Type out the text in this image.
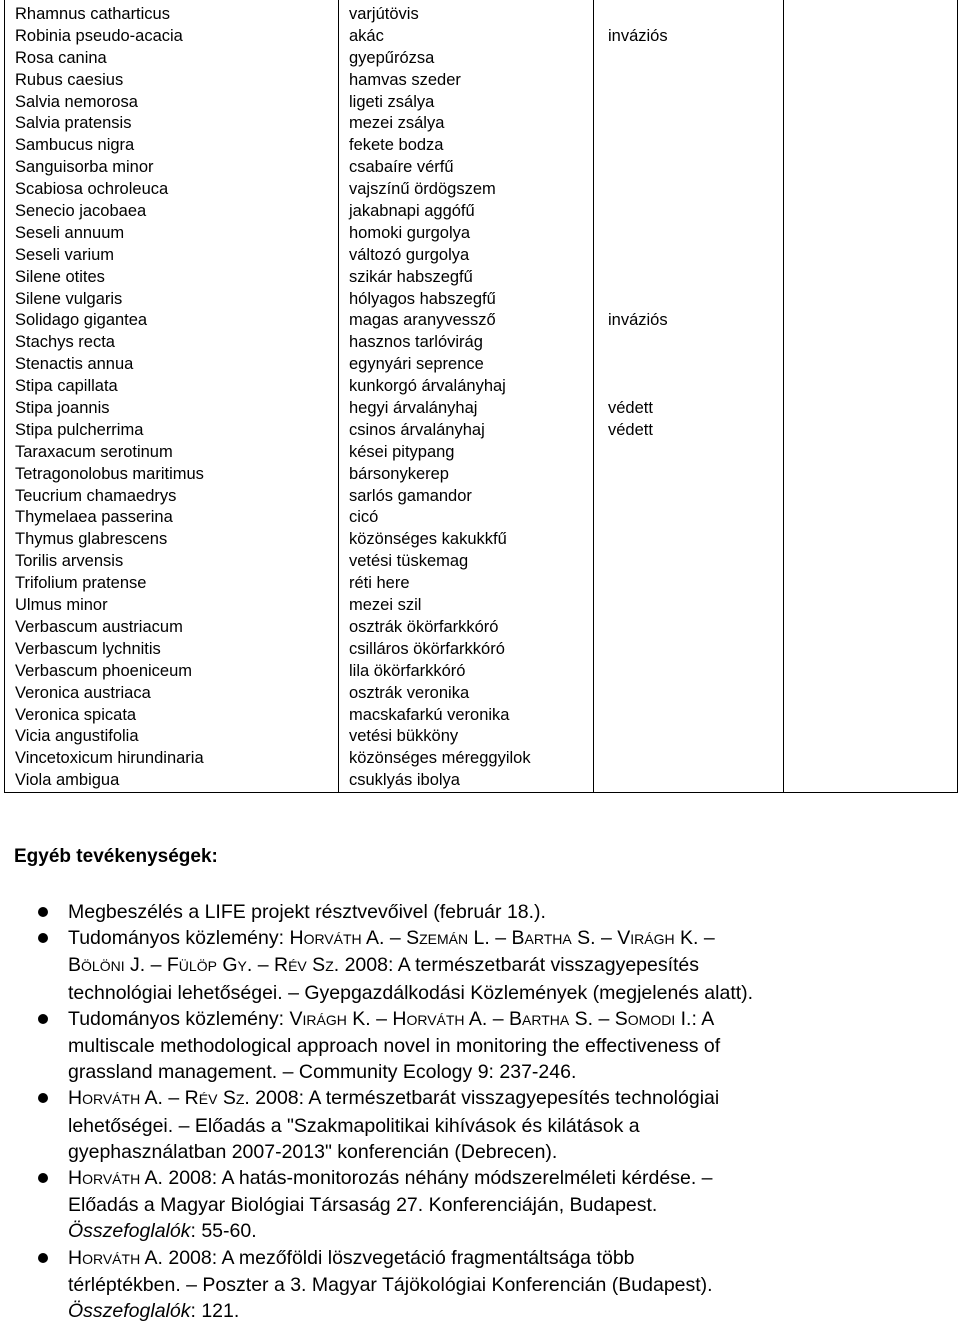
Rhamnus catharticus
Robinia pseudo-acacia
Rosa canina
Rubus caesius
Salvia nemorosa
Salvia pratensis
Sambucus nigra
Sanguisorba minor
Scabiosa ochroleuca
Senecio jacobaea
Seseli annuum
Seseli varium
Silene otites
Silene vulgaris
Solidago gigantea
Stachys recta
Stenactis annua
Stipa capillata
Stipa joannis
Stipa pulcherrima
Taraxacum serotinum
Tetragonolobus maritimus
Teucrium chamaedrys
Thymelaea passerina
Thymus glabrescens
Torilis arvensis
Trifolium pratense
Ulmus minor
Verbascum austriacum
Verbascum lychnitis
Verbascum phoeniceum
Veronica austriaca
Veronica spicata
Vicia angustifolia
Vincetoxicum hirundinaria
Viola ambigua
varjútövis
akác
gyepűrózsa
hamvas szeder
ligeti zsálya
mezei zsálya
fekete bodza
csabaíre vérfű
vajszínű ördögszem
jakabnapi aggófű
homoki gurgolya
változó gurgolya
szikár habszegfű
hólyagos habszegfű
magas aranyvessző
hasznos tarlóvirág
egynyári seprence
kunkorgó árvalányhaj
hegyi árvalányhaj
csinos árvalányhaj
kései pitypang
bársonykerep
sarlós gamandor
cicó
közönséges kakukkfű
vetési tüskemag
réti here
mezei szil
osztrák ökörfarkkóró
csilláros ökörfarkkóró
lila ökörfarkkóró
osztrák veronika
macskafarkú veronika
vetési bükköny
közönséges méreggyilok
csuklyás ibolya
inváziós
inváziós
védett
védett
Egyéb tevékenységek:
Megbeszélés a LIFE projekt résztvevőivel (február 18.).
Tudományos közlemény: HORVÁTH A. – SZEMÁN L. – BARTHA S. – VIRÁGH K. –
BÖLÖNI J. – FÜLÖP GY. – RÉV SZ. 2008: A természetbarát visszagyepesítés
technológiai lehetőségei. – Gyepgazdálkodási Közlemények (megjelenés alatt).
Tudományos közlemény: VIRÁGH K. – HORVÁTH A. – BARTHA S. – SOMODI I.: A
multiscale methodological approach novel in monitoring the effectiveness of
grassland management. – Community Ecology 9: 237-246.
HORVÁTH A. – RÉV SZ. 2008: A természetbarát visszagyepesítés technológiai
lehetőségei. – Előadás a "Szakmapolitikai kihívások és kilátások a
gyephasználatban 2007-2013" konferencián (Debrecen).
HORVÁTH A. 2008: A hatás-monitorozás néhány módszerelméleti kérdése. –
Előadás a Magyar Biológiai Társaság 27. Konferenciáján, Budapest.
Összefoglalók: 55-60.
HORVÁTH A. 2008: A mezőföldi löszvegetáció fragmentáltsága több
térléptékben. – Poszter a 3. Magyar Tájökológiai Konferencián (Budapest).
Összefoglalók: 121.
